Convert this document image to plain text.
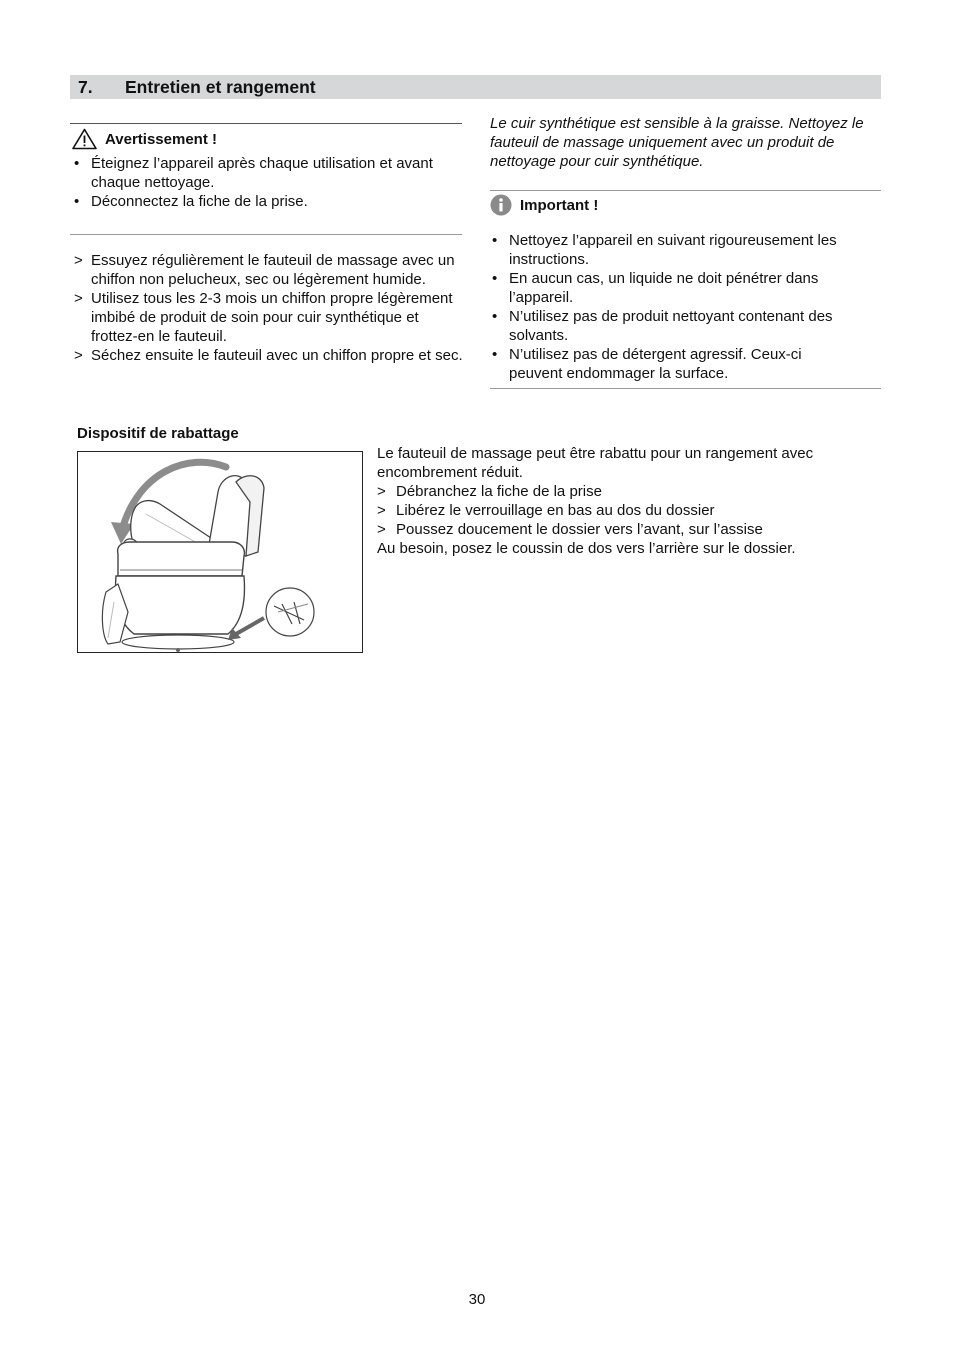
7. Entretien et rangement
Avertissement !
• Éteignez l’appareil après chaque utilisation et avant chaque nettoyage.
• Déconnectez la fiche de la prise.
> Essuyez régulièrement le fauteuil de massage avec un chiffon non pelucheux, sec ou légèrement humide.
> Utilisez tous les 2-3 mois un chiffon propre légèrement imbibé de produit de soin pour cuir synthétique et frottez-en le fauteuil.
> Séchez ensuite le fauteuil avec un chiffon propre et sec.
Le cuir synthétique est sensible à la graisse. Nettoyez le fauteuil de massage uniquement avec un produit de nettoyage pour cuir synthétique.
Important !
• Nettoyez l’appareil en suivant rigoureusement les instructions.
• En aucun cas, un liquide ne doit pénétrer dans l’appareil.
• N’utilisez pas de produit nettoyant contenant des solvants.
• N’utilisez pas de détergent agressif. Ceux-ci peuvent endommager la surface.
Dispositif de rabattage
Le fauteuil de massage peut être rabattu pour un rangement avec encombrement réduit.
> Débranchez la fiche de la prise
> Libérez le verrouillage en bas au dos du dossier
> Poussez doucement le dossier vers l’avant, sur l’assise
Au besoin, posez le coussin de dos vers l’arrière sur le dossier.
30
